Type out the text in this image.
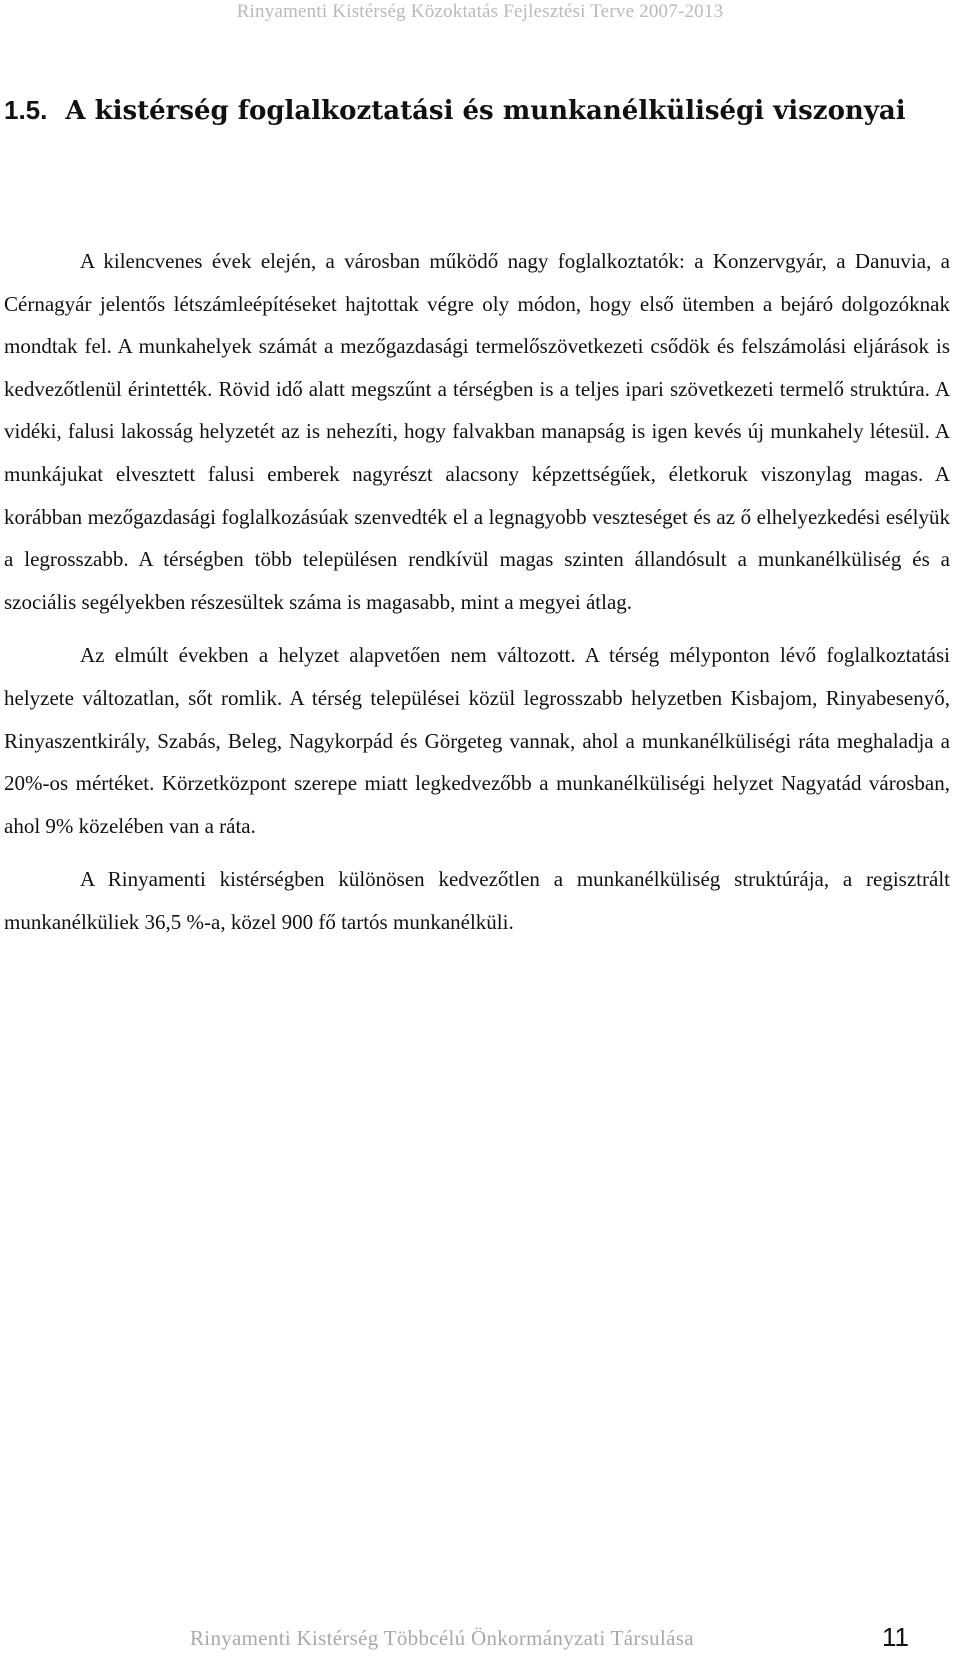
Rinyamenti Kistérség Közoktatás Fejlesztési Terve 2007-2013
1.5. A kistérség foglalkoztatási és munkanélküliségi viszonyai

A kilencvenes évek elején, a városban működő nagy foglalkoztatók: a Konzervgyár, a Danuvia, a Cérnagyár jelentős létszámleépítéseket hajtottak végre oly módon, hogy első ütemben a bejáró dolgozóknak mondtak fel. A munkahelyek számát a mezőgazdasági termelőszövetkezeti csődök és felszámolási eljárások is kedvezőtlenül érintették. Rövid idő alatt megszűnt a térségben is a teljes ipari szövetkezeti termelő struktúra. A vidéki, falusi lakosság helyzetét az is nehezíti, hogy falvakban manapság is igen kevés új munkahely létesül. A munkájukat elvesztett falusi emberek nagyrészt alacsony képzettségűek, életkoruk viszonylag magas. A korábban mezőgazdasági foglalkozásúak szenvedték el a legnagyobb veszteséget és az ő elhelyezkedési esélyük a legrosszabb. A térségben több településen rendkívül magas szinten állandósult a munkanélküliség és a szociális segélyekben részesültek száma is magasabb, mint a megyei átlag.

Az elmúlt években a helyzet alapvetően nem változott. A térség mélyponton lévő foglalkoztatási helyzete változatlan, sőt romlik. A térség települései közül legrosszabb helyzetben Kisbajom, Rinyabesenyő, Rinyaszentkirály, Szabás, Beleg, Nagykorpád és Görgeteg vannak, ahol a munkanélküliségi ráta meghaladja a 20%-os mértéket. Körzetközpont szerepe miatt legkedvezőbb a munkanélküliségi helyzet Nagyatád városban, ahol 9% közelében van a ráta.

A Rinyamenti kistérségben különösen kedvezőtlen a munkanélküliség struktúrája, a regisztrált munkanélküliek 36,5 %-a, közel 900 fő tartós munkanélküli.

Rinyamenti Kistérség Többcélú Önkormányzati Társulása	11
